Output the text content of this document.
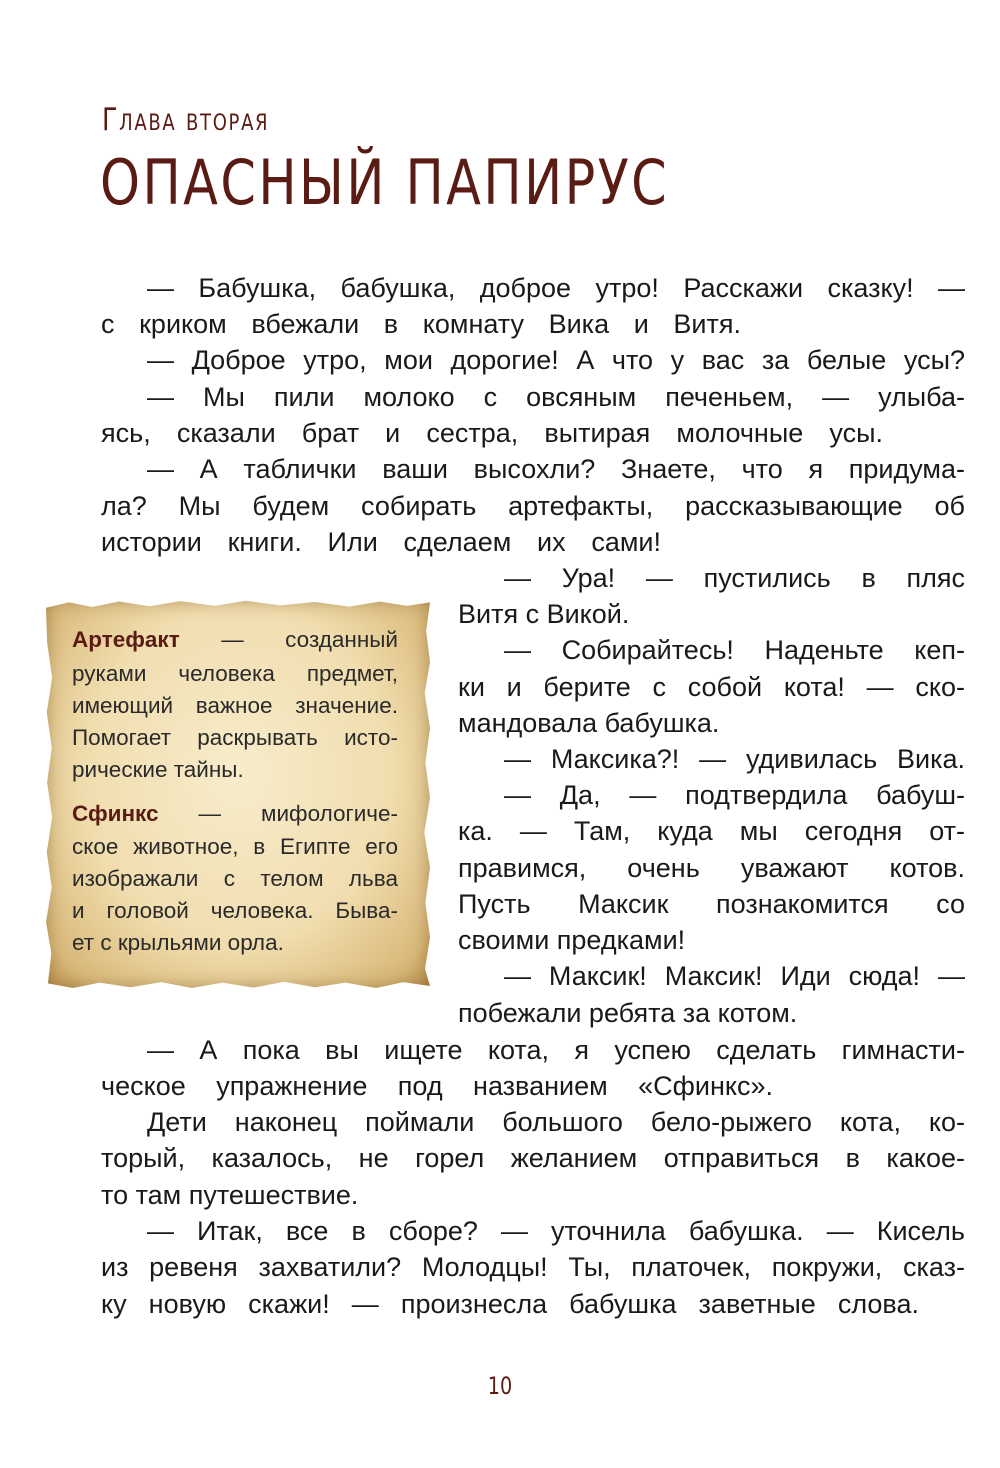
Глава вторая
ОПАСНЫЙ ПАПИРУС
— Бабушка, бабушка, доброе утро! Расскажи сказку! —
с криком вбежали в комнату Вика и Витя.
— Доброе утро, мои дорогие! А что у вас за белые усы?
— Мы пили молоко с овсяным печеньем, — улыба-
ясь, сказали брат и сестра, вытирая молочные усы.
— А таблички ваши высохли? Знаете, что я придума-
ла? Мы будем собирать артефакты, рассказывающие об
истории книги. Или сделаем их сами!
Артефакт — созданный
руками человека предмет,
имеющий важное значение.
Помогает раскрывать исто-
рические тайны.
Сфинкс — мифологиче-
ское животное, в Египте его
изображали с телом льва
и головой человека. Быва-
ет с крыльями орла.
— Ура! — пустились в пляс
Витя с Викой.
— Собирайтесь! Наденьте кеп-
ки и берите с собой кота! — ско-
мандовала бабушка.
— Максика?! — удивилась Вика.
— Да, — подтвердила бабуш-
ка. — Там, куда мы сегодня от-
правимся, очень уважают котов.
Пусть Максик познакомится со
своими предками!
— Максик! Максик! Иди сюда! —
побежали ребята за котом.
— А пока вы ищете кота, я успею сделать гимнасти-
ческое упражнение под названием «Сфинкс».
Дети наконец поймали большого бело-рыжего кота, ко-
торый, казалось, не горел желанием отправиться в какое-
то там путешествие.
— Итак, все в сборе? — уточнила бабушка. — Кисель
из ревеня захватили? Молодцы! Ты, платочек, покружи, сказ-
ку новую скажи! — произнесла бабушка заветные слова.
10
